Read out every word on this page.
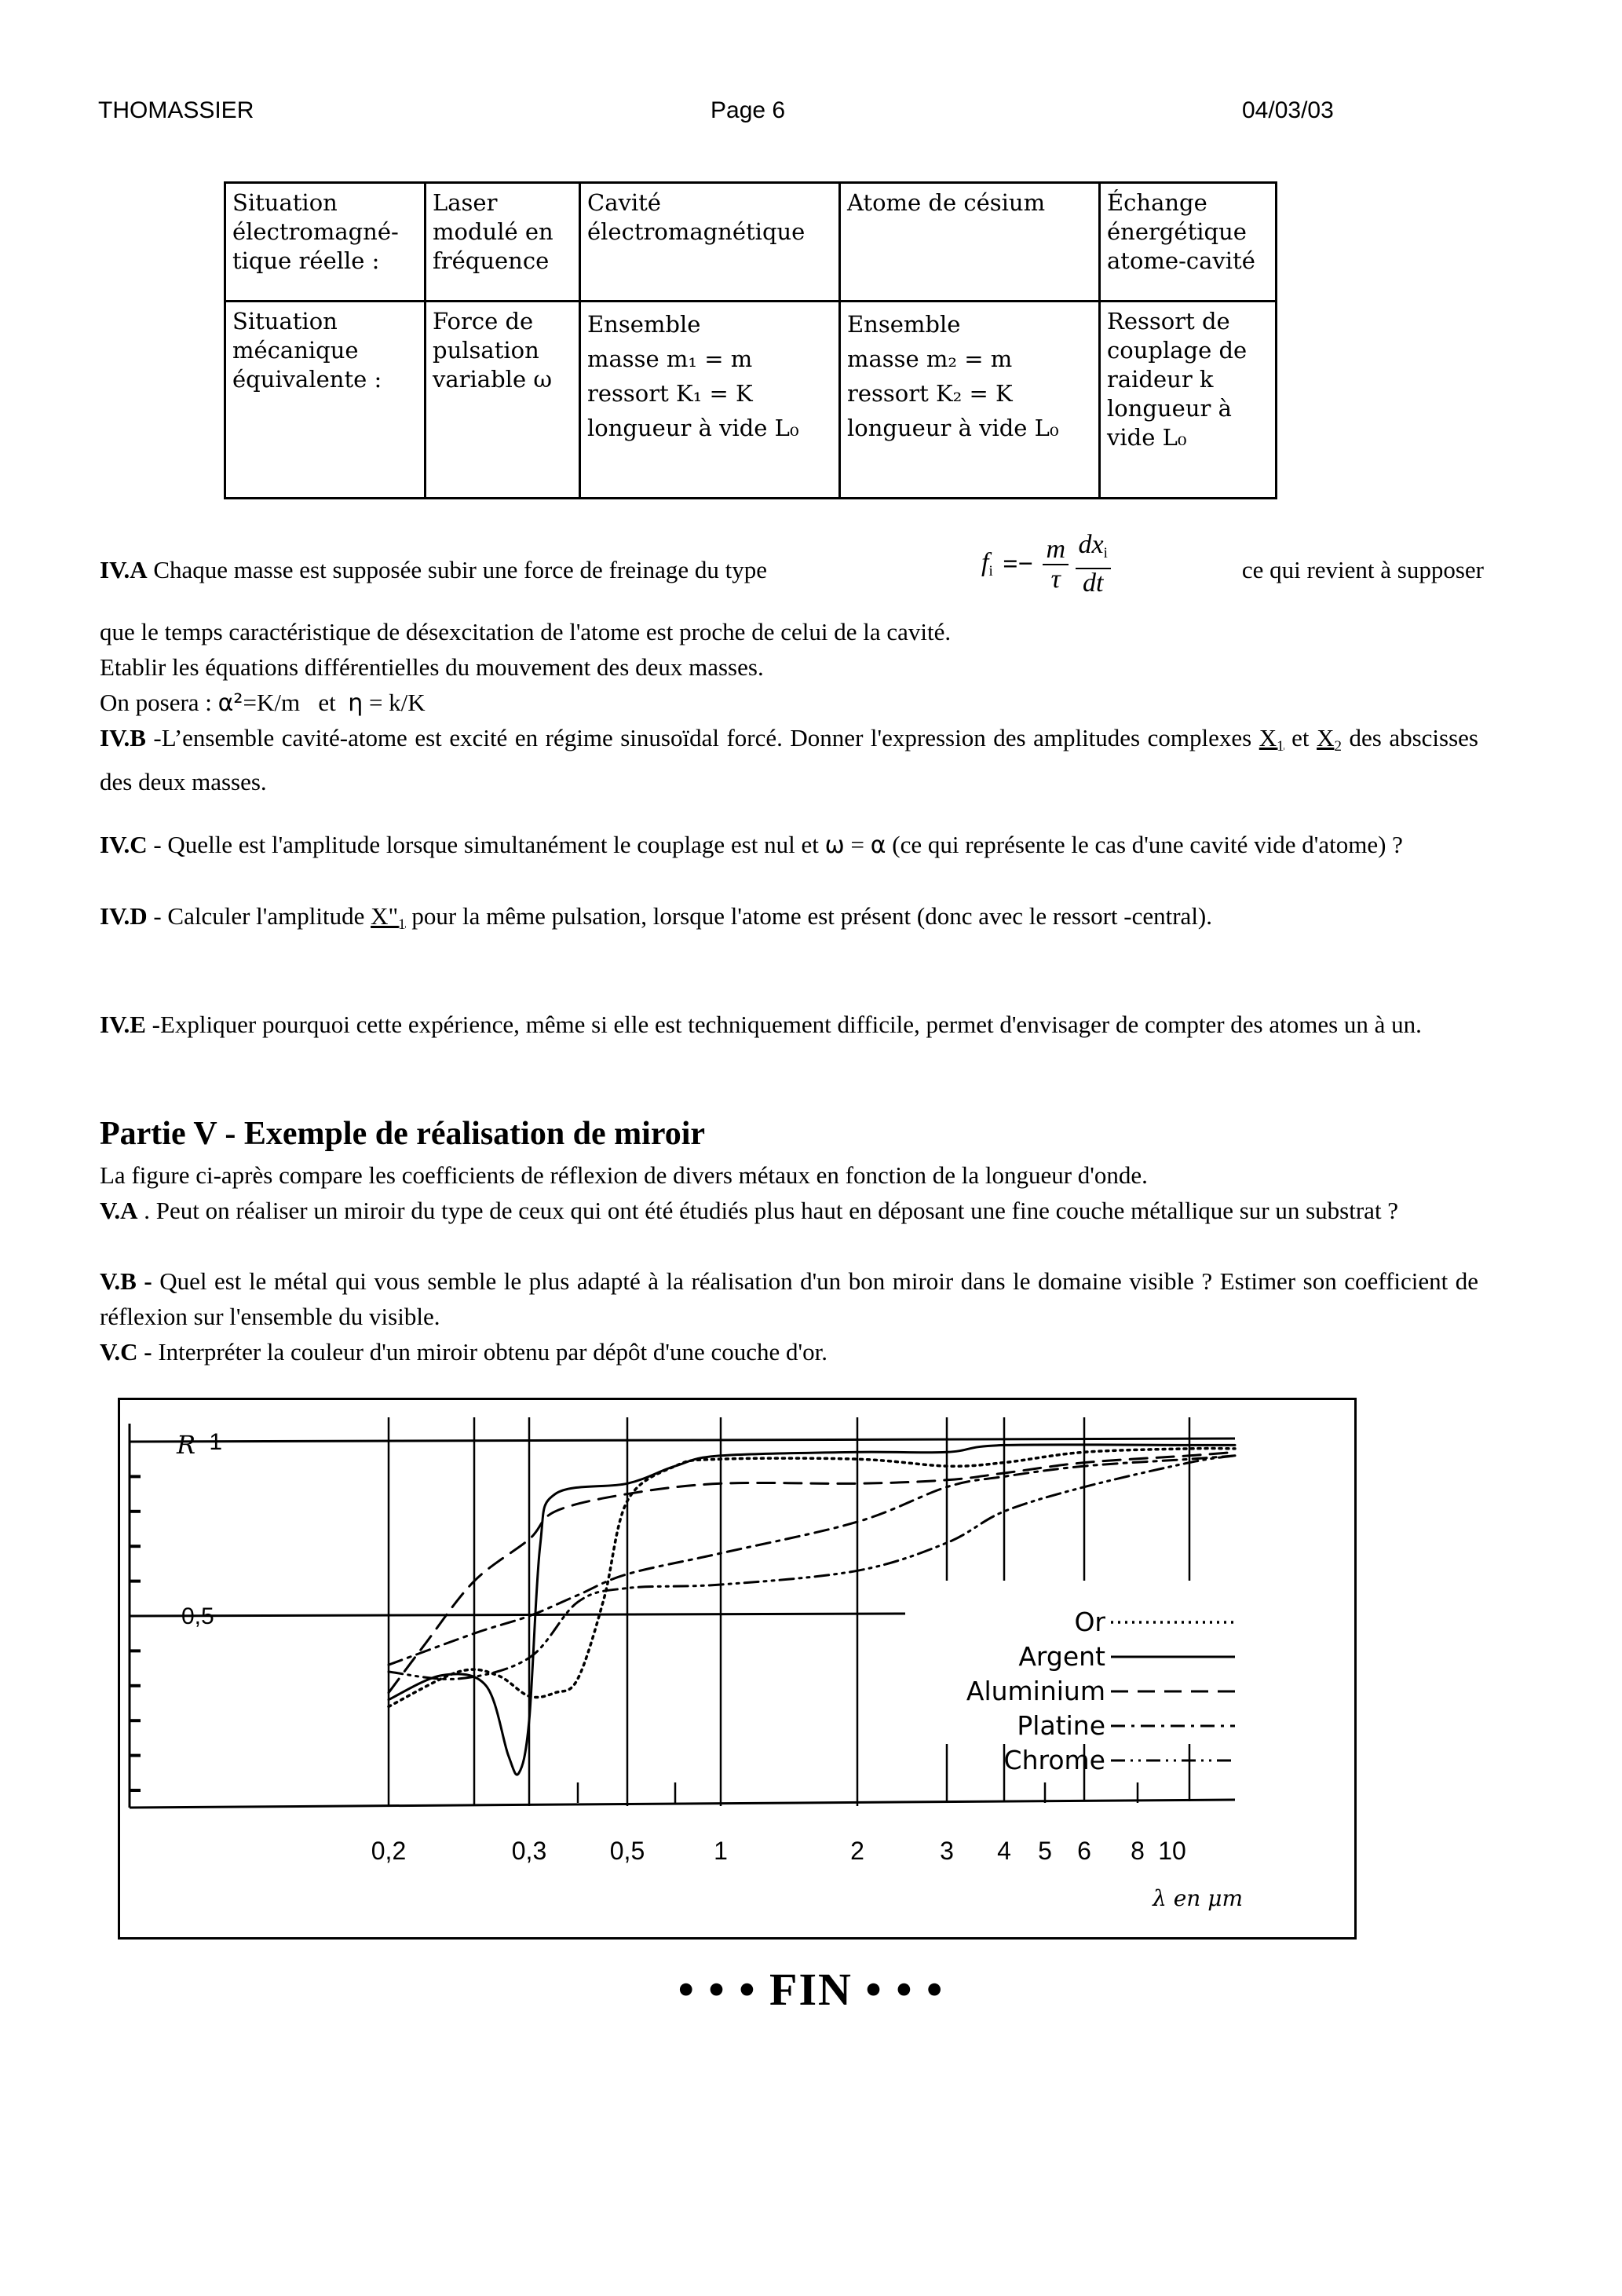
THOMASSIER	Page 6	04/03/03
Situation
électromagné-
tique réelle :	Laser
modulé en
fréquence	Cavité
électromagnétique	Atome de césium	Échange
énergétique
atome-cavité

Situation
mécanique
équivalente :	Force de
pulsation
variable ω	Ensemble
masse m₁ = m
ressort K₁ = K
longueur à vide L₀	Ensemble
masse m₂ = m
ressort K₂ = K
longueur à vide L₀	Ressort de
couplage de
raideur k
longueur à
vide L₀
IV.A Chaque masse est supposée subir une force de freinage du type	$f_i =- \frac{m}{\tau}$
$\frac{dx_i}{dt}$	ce qui revient à supposer
que le temps caractéristique de désexcitation de l'atome est proche de celui de la cavité.
Etablir les équations différentielles du mouvement des deux masses.
On posera : α²=K/m   et  η = k/K
IV.B -L’ensemble cavité-atome est excité en régime sinusoïdal forcé. Donner l'expression des amplitudes complexes $X_1$ et $X_2$ des abscisses des deux masses.
IV.C - Quelle est l'amplitude lorsque simultanément le couplage est nul et ω = α (ce qui représente le cas d'une cavité vide d'atome) ?
IV.D - Calculer l'amplitude $X"_1$ pour la même pulsation, lorsque l'atome est présent (donc avec le ressort -central).
IV.E -Expliquer pourquoi cette expérience, même si elle est techniquement difficile, permet d'envisager de compter des atomes un à un.
Partie V - Exemple de réalisation de miroir
La figure ci-après compare les coefficients de réflexion de divers métaux en fonction de la longueur d'onde.
V.A . Peut on réaliser un miroir du type de ceux qui ont été étudiés plus haut en déposant une fine couche métallique sur un substrat ?
V.B - Quel est le métal qui vous semble le plus adapté à la réalisation d'un bon miroir dans le domaine visible ? Estimer son coefficient de réflexion sur l'ensemble du visible.
V.C - Interpréter la couleur d'un miroir obtenu par dépôt d'une couche d'or.
1
0,5
0,2	0,3	0,5	1	2	3 4 5 6 8 10
Or
Argent
Aluminium
Platine
Chrome
R
λ en μm
• • • FIN • • •
